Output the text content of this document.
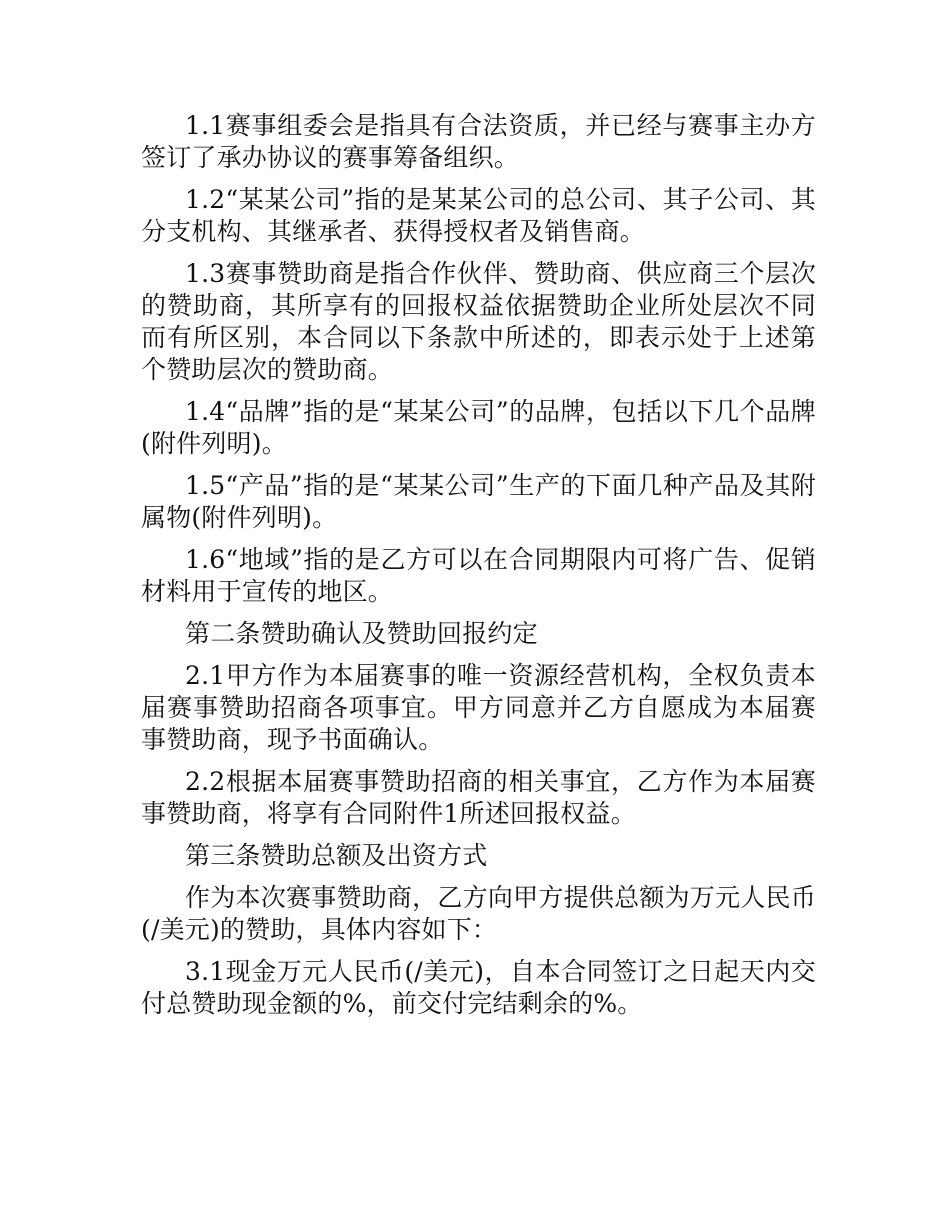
1.1赛事组委会是指具有合法资质，并已经与赛事主办方签订了承办协议的赛事筹备组织。

1.2“某某公司”指的是某某公司的总公司、其子公司、其分支机构、其继承者、获得授权者及销售商。

1.3赛事赞助商是指合作伙伴、赞助商、供应商三个层次的赞助商，其所享有的回报权益依据赞助企业所处层次不同而有所区别，本合同以下条款中所述的，即表示处于上述第个赞助层次的赞助商。

1.4“品牌”指的是“某某公司”的品牌，包括以下几个品牌(附件列明)。

1.5“产品”指的是“某某公司”生产的下面几种产品及其附属物(附件列明)。

1.6“地域”指的是乙方可以在合同期限内可将广告、促销材料用于宣传的地区。

第二条赞助确认及赞助回报约定

2.1甲方作为本届赛事的唯一资源经营机构，全权负责本届赛事赞助招商各项事宜。甲方同意并乙方自愿成为本届赛事赞助商，现予书面确认。

2.2根据本届赛事赞助招商的相关事宜，乙方作为本届赛事赞助商，将享有合同附件1所述回报权益。

第三条赞助总额及出资方式

作为本次赛事赞助商，乙方向甲方提供总额为万元人民币(/美元)的赞助，具体内容如下：

3.1现金万元人民币(/美元)，自本合同签订之日起天内交付总赞助现金额的%，前交付完结剩余的%。
